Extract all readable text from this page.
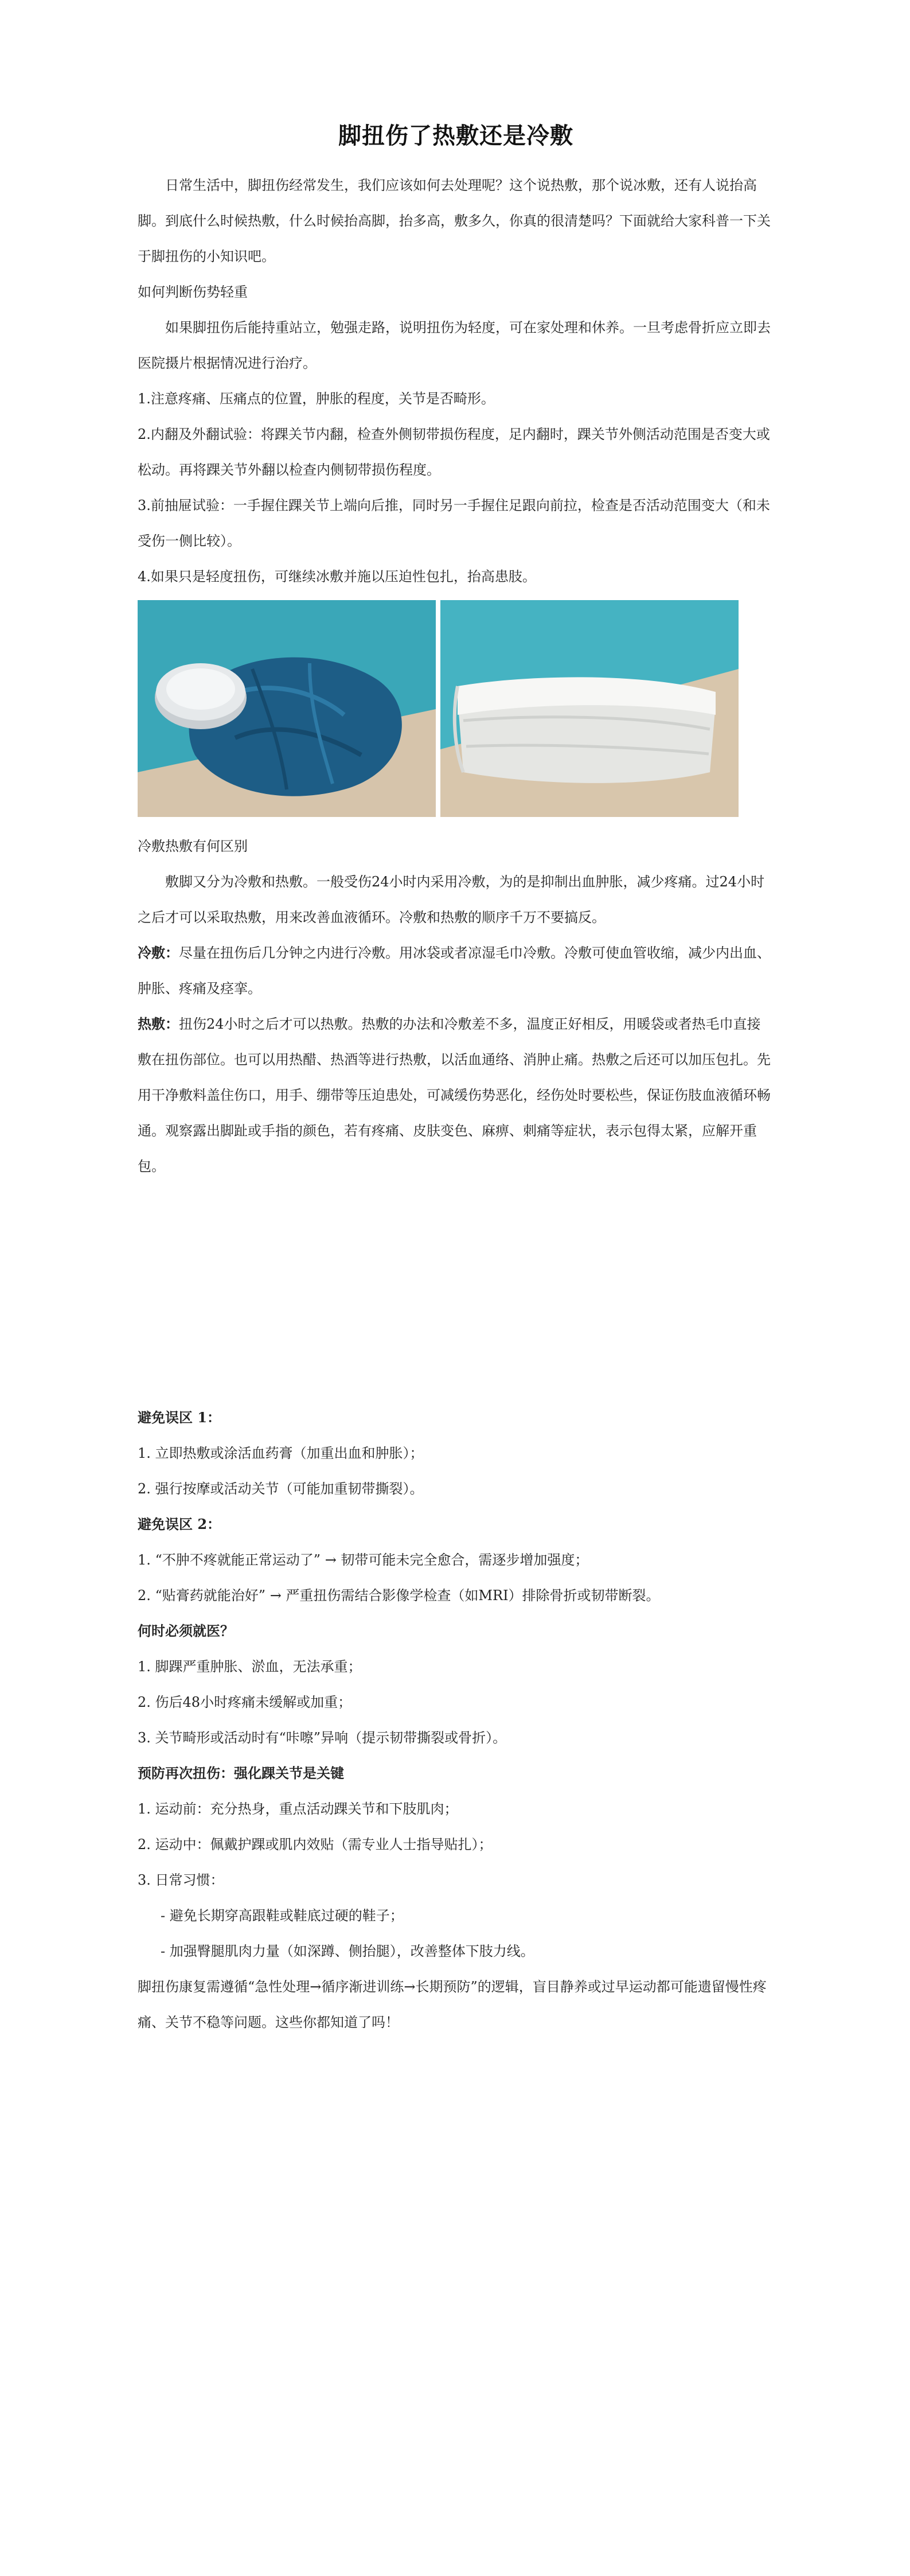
脚扭伤了热敷还是冷敷

日常生活中，脚扭伤经常发生，我们应该如何去处理呢？这个说热敷，那个说冰敷，还有人说抬高脚。到底什么时候热敷，什么时候抬高脚，抬多高，敷多久，你真的很清楚吗？下面就给大家科普一下关于脚扭伤的小知识吧。

如何判断伤势轻重

如果脚扭伤后能持重站立，勉强走路，说明扭伤为轻度，可在家处理和休养。一旦考虑骨折应立即去医院摄片根据情况进行治疗。

1.注意疼痛、压痛点的位置，肿胀的程度，关节是否畸形。

2.内翻及外翻试验：将踝关节内翻，检查外侧韧带损伤程度，足内翻时，踝关节外侧活动范围是否变大或松动。再将踝关节外翻以检查内侧韧带损伤程度。

3.前抽屉试验：一手握住踝关节上端向后推，同时另一手握住足跟向前拉，检查是否活动范围变大（和未受伤一侧比较）。

4.如果只是轻度扭伤，可继续冰敷并施以压迫性包扎，抬高患肢。

冷敷热敷有何区别

敷脚又分为冷敷和热敷。一般受伤24小时内采用冷敷，为的是抑制出血肿胀，减少疼痛。过24小时之后才可以采取热敷，用来改善血液循环。冷敷和热敷的顺序千万不要搞反。

冷敷：尽量在扭伤后几分钟之内进行冷敷。用冰袋或者凉湿毛巾冷敷。冷敷可使血管收缩，减少内出血、肿胀、疼痛及痉挛。

热敷：扭伤24小时之后才可以热敷。热敷的办法和冷敷差不多，温度正好相反，用暖袋或者热毛巾直接敷在扭伤部位。也可以用热醋、热酒等进行热敷，以活血通络、消肿止痛。热敷之后还可以加压包扎。先用干净敷料盖住伤口，用手、绷带等压迫患处，可减缓伤势恶化，经伤处时要松些，保证伤肢血液循环畅通。观察露出脚趾或手指的颜色，若有疼痛、皮肤变色、麻痹、刺痛等症状，表示包得太紧，应解开重包。

避免误区 1：

1. 立即热敷或涂活血药膏（加重出血和肿胀）；

2. 强行按摩或活动关节（可能加重韧带撕裂）。

避免误区 2：

1. “不肿不疼就能正常运动了” → 韧带可能未完全愈合，需逐步增加强度；

2. “贴膏药就能治好” → 严重扭伤需结合影像学检查（如MRI）排除骨折或韧带断裂。

何时必须就医？

1. 脚踝严重肿胀、淤血，无法承重；

2. 伤后48小时疼痛未缓解或加重；

3. 关节畸形或活动时有“咔嚓”异响（提示韧带撕裂或骨折）。

预防再次扭伤：强化踝关节是关键

1. 运动前：充分热身，重点活动踝关节和下肢肌肉；

2. 运动中：佩戴护踝或肌内效贴（需专业人士指导贴扎）；

3. 日常习惯：

- 避免长期穿高跟鞋或鞋底过硬的鞋子；

- 加强臀腿肌肉力量（如深蹲、侧抬腿），改善整体下肢力线。

脚扭伤康复需遵循“急性处理→循序渐进训练→长期预防”的逻辑，盲目静养或过早运动都可能遗留慢性疼痛、关节不稳等问题。这些你都知道了吗！
